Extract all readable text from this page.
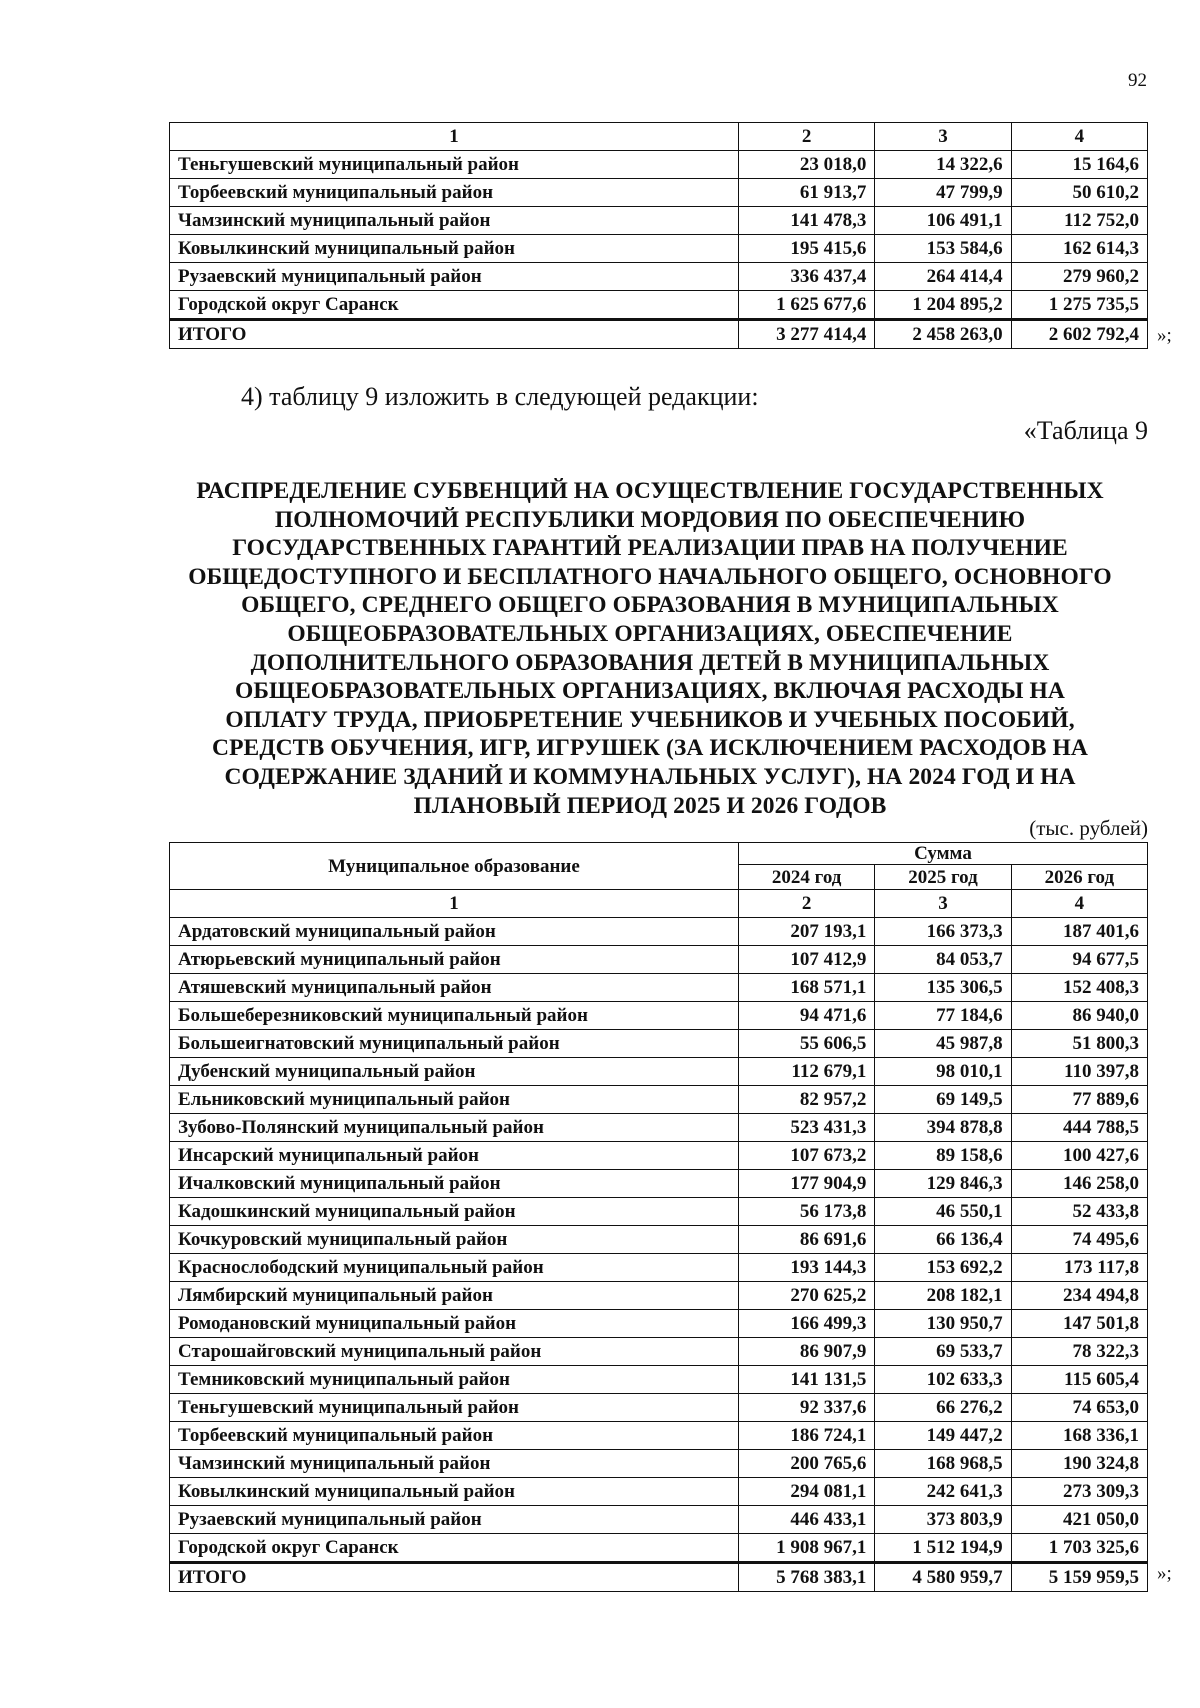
92
1	2	3	4
Теньгушевский муниципальный район	23 018,0	14 322,6	15 164,6
Торбеевский муниципальный район	61 913,7	47 799,9	50 610,2
Чамзинский муниципальный район	141 478,3	106 491,1	112 752,0
Ковылкинский муниципальный район	195 415,6	153 584,6	162 614,3
Рузаевский муниципальный район	336 437,4	264 414,4	279 960,2
Городской округ Саранск	1 625 677,6	1 204 895,2	1 275 735,5
ИТОГО	3 277 414,4	2 458 263,0	2 602 792,4 »;
4) таблицу 9 изложить в следующей редакции:
«Таблица 9
РАСПРЕДЕЛЕНИЕ СУБВЕНЦИЙ НА ОСУЩЕСТВЛЕНИЕ ГОСУДАРСТВЕННЫХ
ПОЛНОМОЧИЙ РЕСПУБЛИКИ МОРДОВИЯ ПО ОБЕСПЕЧЕНИЮ
ГОСУДАРСТВЕННЫХ ГАРАНТИЙ РЕАЛИЗАЦИИ ПРАВ НА ПОЛУЧЕНИЕ
ОБЩЕДОСТУПНОГО И БЕСПЛАТНОГО НАЧАЛЬНОГО ОБЩЕГО, ОСНОВНОГО
ОБЩЕГО, СРЕДНЕГО ОБЩЕГО ОБРАЗОВАНИЯ В МУНИЦИПАЛЬНЫХ
ОБЩЕОБРАЗОВАТЕЛЬНЫХ ОРГАНИЗАЦИЯХ, ОБЕСПЕЧЕНИЕ
ДОПОЛНИТЕЛЬНОГО ОБРАЗОВАНИЯ ДЕТЕЙ В МУНИЦИПАЛЬНЫХ
ОБЩЕОБРАЗОВАТЕЛЬНЫХ ОРГАНИЗАЦИЯХ, ВКЛЮЧАЯ РАСХОДЫ НА
ОПЛАТУ ТРУДА, ПРИОБРЕТЕНИЕ УЧЕБНИКОВ И УЧЕБНЫХ ПОСОБИЙ,
СРЕДСТВ ОБУЧЕНИЯ, ИГР, ИГРУШЕК (ЗА ИСКЛЮЧЕНИЕМ РАСХОДОВ НА
СОДЕРЖАНИЕ ЗДАНИЙ И КОММУНАЛЬНЫХ УСЛУГ), НА 2024 ГОД И НА
ПЛАНОВЫЙ ПЕРИОД 2025 И 2026 ГОДОВ
(тыс. рублей)
Муниципальное образование	Сумма		
	2024 год	2025 год	2026 год
1	2	3	4
Ардатовский муниципальный район	207 193,1	166 373,3	187 401,6
Атюрьевский муниципальный район	107 412,9	84 053,7	94 677,5
Атяшевский муниципальный район	168 571,1	135 306,5	152 408,3
Большеберезниковский муниципальный район	94 471,6	77 184,6	86 940,0
Большеигнатовский муниципальный район	55 606,5	45 987,8	51 800,3
Дубенский муниципальный район	112 679,1	98 010,1	110 397,8
Ельниковский муниципальный район	82 957,2	69 149,5	77 889,6
Зубово-Полянский муниципальный район	523 431,3	394 878,8	444 788,5
Инсарский муниципальный район	107 673,2	89 158,6	100 427,6
Ичалковский муниципальный район	177 904,9	129 846,3	146 258,0
Кадошкинский муниципальный район	56 173,8	46 550,1	52 433,8
Кочкуровский муниципальный район	86 691,6	66 136,4	74 495,6
Краснослободский муниципальный район	193 144,3	153 692,2	173 117,8
Лямбирский муниципальный район	270 625,2	208 182,1	234 494,8
Ромодановский муниципальный район	166 499,3	130 950,7	147 501,8
Старошайговский муниципальный район	86 907,9	69 533,7	78 322,3
Темниковский муниципальный район	141 131,5	102 633,3	115 605,4
Теньгушевский муниципальный район	92 337,6	66 276,2	74 653,0
Торбеевский муниципальный район	186 724,1	149 447,2	168 336,1
Чамзинский муниципальный район	200 765,6	168 968,5	190 324,8
Ковылкинский муниципальный район	294 081,1	242 641,3	273 309,3
Рузаевский муниципальный район	446 433,1	373 803,9	421 050,0
Городской округ Саранск	1 908 967,1	1 512 194,9	1 703 325,6
ИТОГО	5 768 383,1	4 580 959,7	5 159 959,5 »;
